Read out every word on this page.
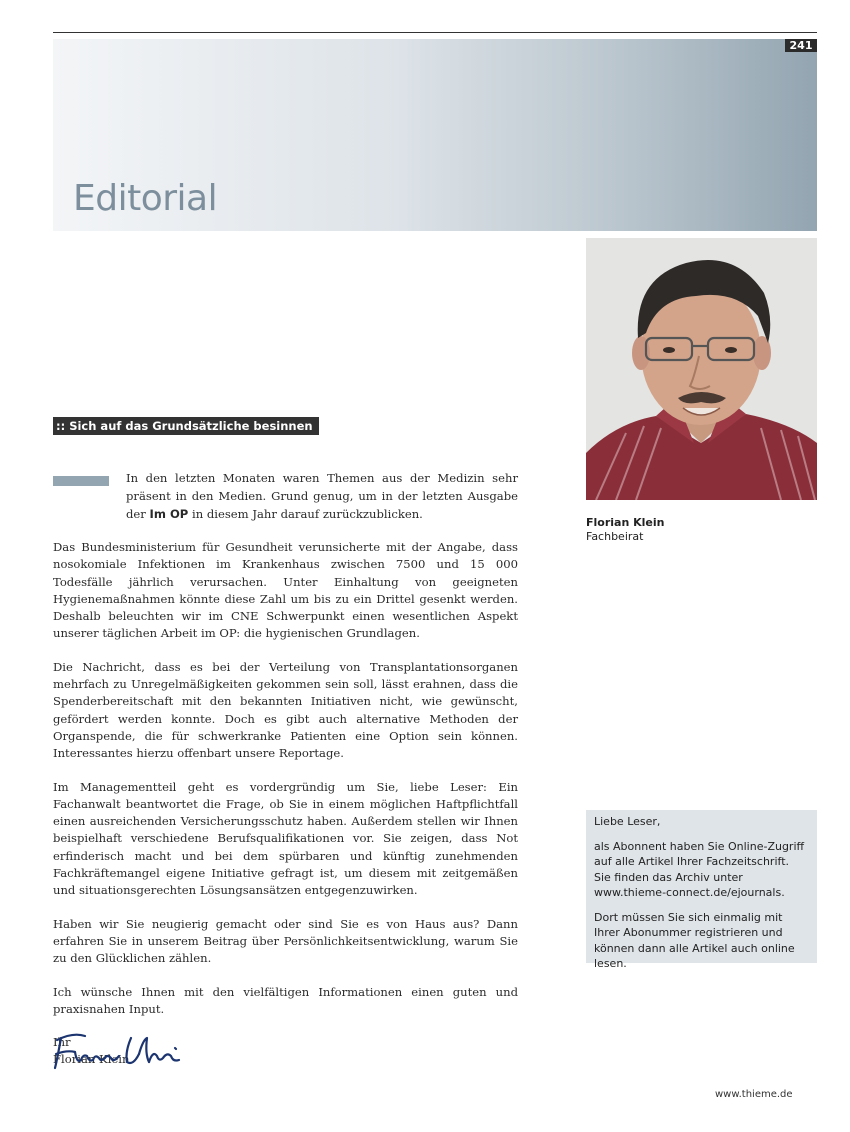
Editorial
241
Florian Klein
Fachbeirat
:: Sich auf das Grundsätzliche besinnen

In den letzten Monaten waren Themen aus der Medizin sehr präsent in den Medien. Grund genug, um in der letzten Ausgabe der Im OP in diesem Jahr darauf zurückzublicken.

Das Bundesministerium für Gesundheit verunsicherte mit der Angabe, dass nosokomiale Infektionen im Krankenhaus zwischen 7500 und 15 000 Todesfälle jährlich verursachen. Unter Einhaltung von geeigneten Hygienemaßnahmen könnte diese Zahl um bis zu ein Drittel gesenkt werden. Deshalb beleuchten wir im CNE Schwerpunkt einen wesentlichen Aspekt unserer täglichen Arbeit im OP: die hygienischen Grundlagen.

Die Nachricht, dass es bei der Verteilung von Transplantationsorganen mehrfach zu Unregelmäßigkeiten gekommen sein soll, lässt erahnen, dass die Spenderbereitschaft mit den bekannten Initiativen nicht, wie gewünscht, gefördert werden konnte. Doch es gibt auch alternative Methoden der Organspende, die für schwerkranke Patienten eine Option sein können. Interessantes hierzu offenbart unsere Reportage.

Im Managementteil geht es vordergründig um Sie, liebe Leser: Ein Fachanwalt beantwortet die Frage, ob Sie in einem möglichen Haftpflichtfall einen ausreichenden Versicherungsschutz haben. Außerdem stellen wir Ihnen beispielhaft verschiedene Berufsqualifikationen vor. Sie zeigen, dass Not erfinderisch macht und bei dem spürbaren und künftig zunehmenden Fachkräftemangel eigene Initiative gefragt ist, um diesem mit zeitgemäßen und situationsgerechten Lösungsansätzen entgegenzuwirken.

Haben wir Sie neugierig gemacht oder sind Sie es von Haus aus? Dann erfahren Sie in unserem Beitrag über Persönlichkeitsentwicklung, warum Sie zu den Glücklichen zählen.

Ich wünsche Ihnen mit den vielfältigen Informationen einen guten und praxisnahen Input.

Ihr
Florian Klein

Liebe Leser,

als Abonnent haben Sie Online-Zugriff auf alle Artikel Ihrer Fachzeitschrift. Sie finden das Archiv unter www.thieme-connect.de/ejournals.

Dort müssen Sie sich einmalig mit Ihrer Abonummer registrieren und können dann alle Artikel auch online lesen.

www.thieme.de
